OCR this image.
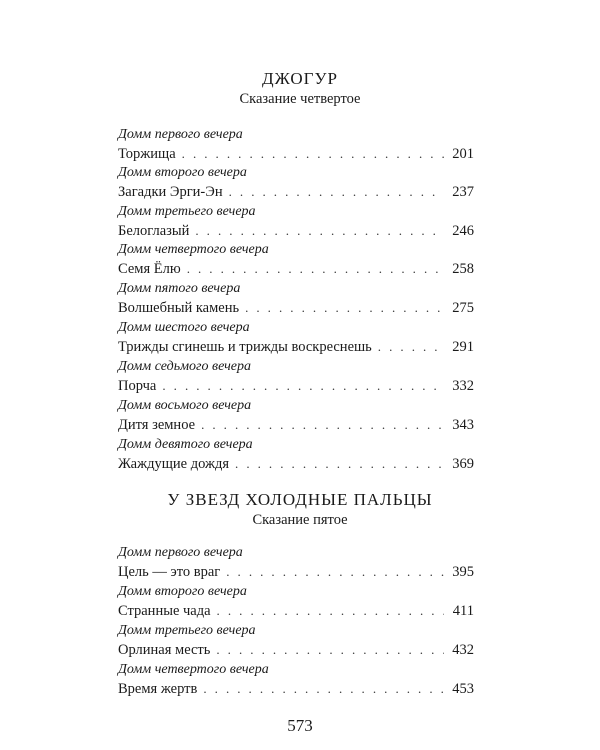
ДЖОГУР
Сказание четвертое
Домм первого вечера
Торжища . . .	201
Домм второго вечера
Загадки Эрги-Эн . . .	237
Домм третьего вечера
Белоглазый . . .	246
Домм четвертого вечера
Семя Ёлю . . .	258
Домм пятого вечера
Волшебный камень . . .	275
Домм шестого вечера
Трижды сгинешь и трижды воскреснешь . . .	291
Домм седьмого вечера
Порча . . .	332
Домм восьмого вечера
Дитя земное . . .	343
Домм девятого вечера
Жаждущие дождя . . .	369
У ЗВЕЗД ХОЛОДНЫЕ ПАЛЬЦЫ
Сказание пятое
Домм первого вечера
Цель — это враг . . .	395
Домм второго вечера
Странные чада . . .	411
Домм третьего вечера
Орлиная месть . . .	432
Домм четвертого вечера
Время жертв . . .	453
573
